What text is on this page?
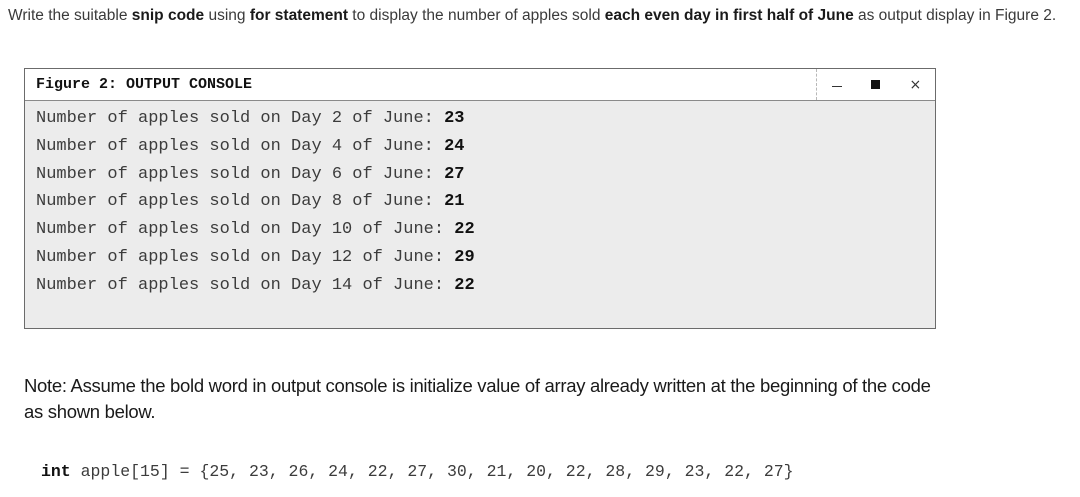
Write the suitable snip code using for statement to display the number of apples sold each even day in first half of June as output display in Figure 2.
Figure 2: OUTPUT CONSOLE	×
Number of apples sold on Day 2 of June: 23
Number of apples sold on Day 4 of June: 24
Number of apples sold on Day 6 of June: 27
Number of apples sold on Day 8 of June: 21
Number of apples sold on Day 10 of June: 22
Number of apples sold on Day 12 of June: 29
Number of apples sold on Day 14 of June: 22
Note: Assume the bold word in output console is initialize value of array already written at the beginning of the code as shown below.
int apple[15] = {25, 23, 26, 24, 22, 27, 30, 21, 20, 22, 28, 29, 23, 22, 27}
